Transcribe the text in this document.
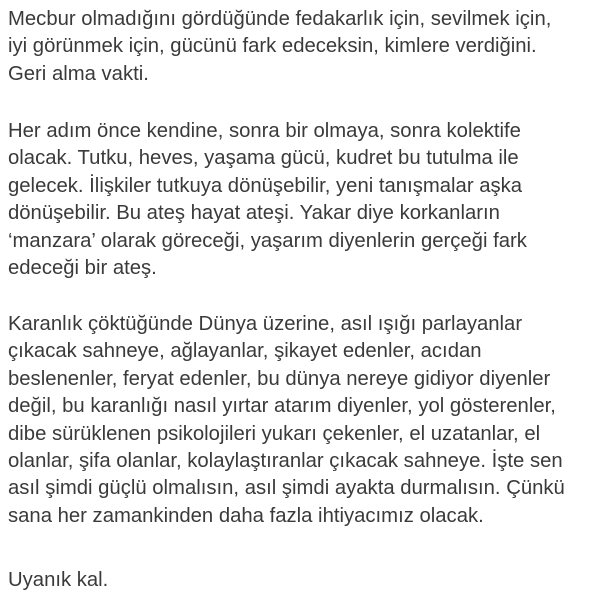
Mecbur olmadığını gördüğünde fedakarlık için, sevilmek için,
iyi görünmek için, gücünü fark edeceksin, kimlere verdiğini.
Geri alma vakti.
Her adım önce kendine, sonra bir olmaya, sonra kolektife
olacak. Tutku, heves, yaşama gücü, kudret bu tutulma ile
gelecek. İlişkiler tutkuya dönüşebilir, yeni tanışmalar aşka
dönüşebilir. Bu ateş hayat ateşi. Yakar diye korkanların
‘manzara’ olarak göreceği, yaşarım diyenlerin gerçeği fark
edeceği bir ateş.
Karanlık çöktüğünde Dünya üzerine, asıl ışığı parlayanlar
çıkacak sahneye, ağlayanlar, şikayet edenler, acıdan
beslenenler, feryat edenler, bu dünya nereye gidiyor diyenler
değil, bu karanlığı nasıl yırtar atarım diyenler, yol gösterenler,
dibe sürüklenen psikolojileri yukarı çekenler, el uzatanlar, el
olanlar, şifa olanlar, kolaylaştıranlar çıkacak sahneye. İşte sen
asıl şimdi güçlü olmalısın, asıl şimdi ayakta durmalısın. Çünkü
sana her zamankinden daha fazla ihtiyacımız olacak.
Uyanık kal.
